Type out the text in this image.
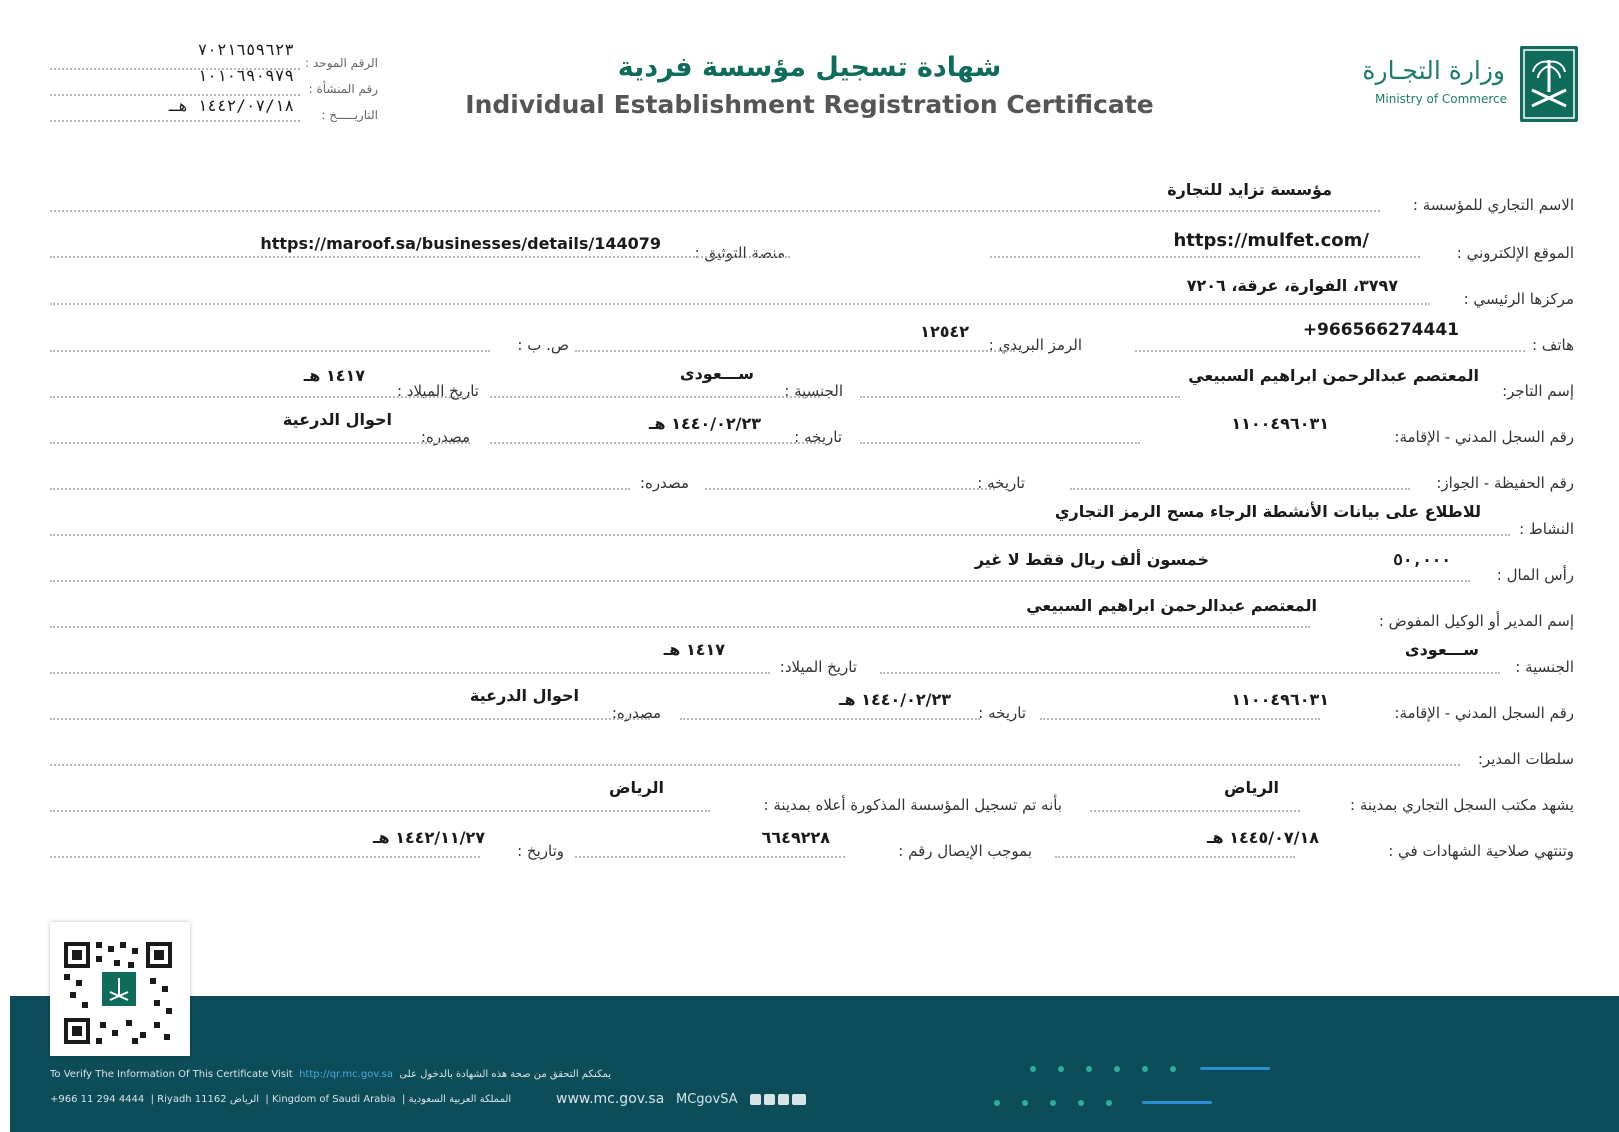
وزارة التجـارة
Ministry of Commerce
شهادة تسجيل مؤسسة فردية
Individual Establishment Registration Certificate
الرقم الموحد :
٧٠٢١٦٥٩٦٢٣
رقم المنشأة :
١٠١٠٦٩٠٩٧٩
التاريـــــخ :
١٤٤٢/٠٧/١٨ هـ
الاسم التجاري للمؤسسة :
مؤسسة تزايد للتجارة
الموقع الإلكتروني :
https://mulfet.com/
منصة التوثيق :
https://maroof.sa/businesses/details/144079
مركزها الرئيسي :
٣٧٩٧، الفوارة، عرقة، ٧٢٠٦
هاتف :
+966566274441
الرمز البريدي :
١٢٥٤٢
ص. ب :
إسم التاجر:
المعتصم عبدالرحمن ابراهيم السبيعي
الجنسية :
ســـعودى
تاريخ الميلاد :
١٤١٧ هـ
رقم السجل المدني - الإقامة:
١١٠٠٤٩٦٠٣١
تاريخه :
١٤٤٠/٠٢/٢٣ هـ
مصدره:
احوال الدرعية
رقم الحفيظة - الجواز:
تاريخه :
مصدره:
النشاط :
للاطلاع على بيانات الأنشطة الرجاء مسح الرمز التجاري
رأس المال :
٥٠,٠٠٠
خمسون ألف ريال فقط لا غير
إسم المدير أو الوكيل المفوض :
المعتصم عبدالرحمن ابراهيم السبيعي
الجنسية :
ســـعودى
تاريخ الميلاد:
١٤١٧ هـ
رقم السجل المدني - الإقامة:
١١٠٠٤٩٦٠٣١
تاريخه :
١٤٤٠/٠٢/٢٣ هـ
مصدره:
احوال الدرعية
سلطات المدير:
يشهد مكتب السجل التجاري بمدينة :
الرياض
بأنه تم تسجيل المؤسسة المذكورة أعلاه بمدينة :
الرياض
وتنتهي صلاحية الشهادات في :
١٤٤٥/٠٧/١٨ هـ
بموجب الإيصال رقم :
٦٦٤٩٢٢٨
وتاريخ :
١٤٤٢/١١/٢٧ هـ
To Verify The Information Of This Certificate Visit http://qr.mc.gov.sa يمكنكم التحقق من صحة هذه الشهادة بالدخول على
+966 11 294 4444  | Riyadh 11162 الرياض  | Kingdom of Saudi Arabia  | المملكة العربية السعودية	www.mc.gov.sa MCgovSA
